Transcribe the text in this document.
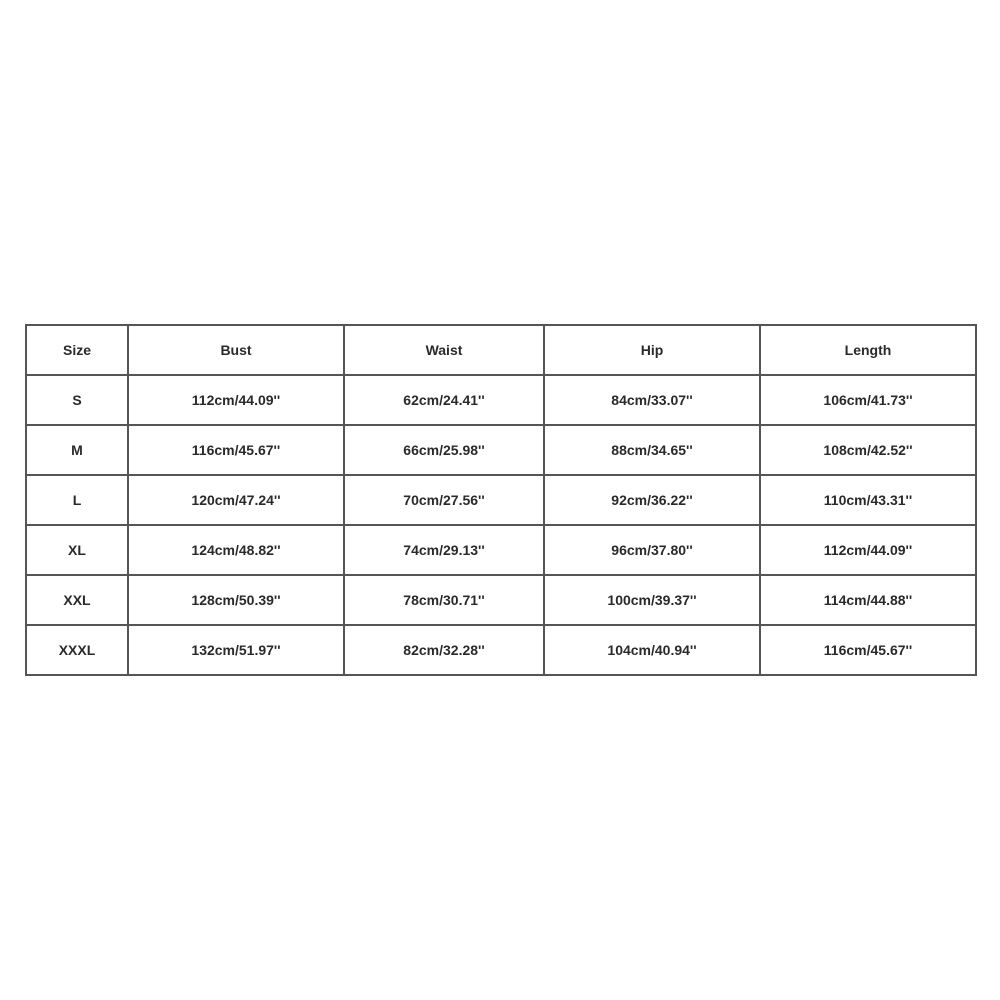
Size	Bust	Waist	Hip	Length
S	112cm/44.09''	62cm/24.41''	84cm/33.07''	106cm/41.73''
M	116cm/45.67''	66cm/25.98''	88cm/34.65''	108cm/42.52''
L	120cm/47.24''	70cm/27.56''	92cm/36.22''	110cm/43.31''
XL	124cm/48.82''	74cm/29.13''	96cm/37.80''	112cm/44.09''
XXL	128cm/50.39''	78cm/30.71''	100cm/39.37''	114cm/44.88''
XXXL	132cm/51.97''	82cm/32.28''	104cm/40.94''	116cm/45.67''
